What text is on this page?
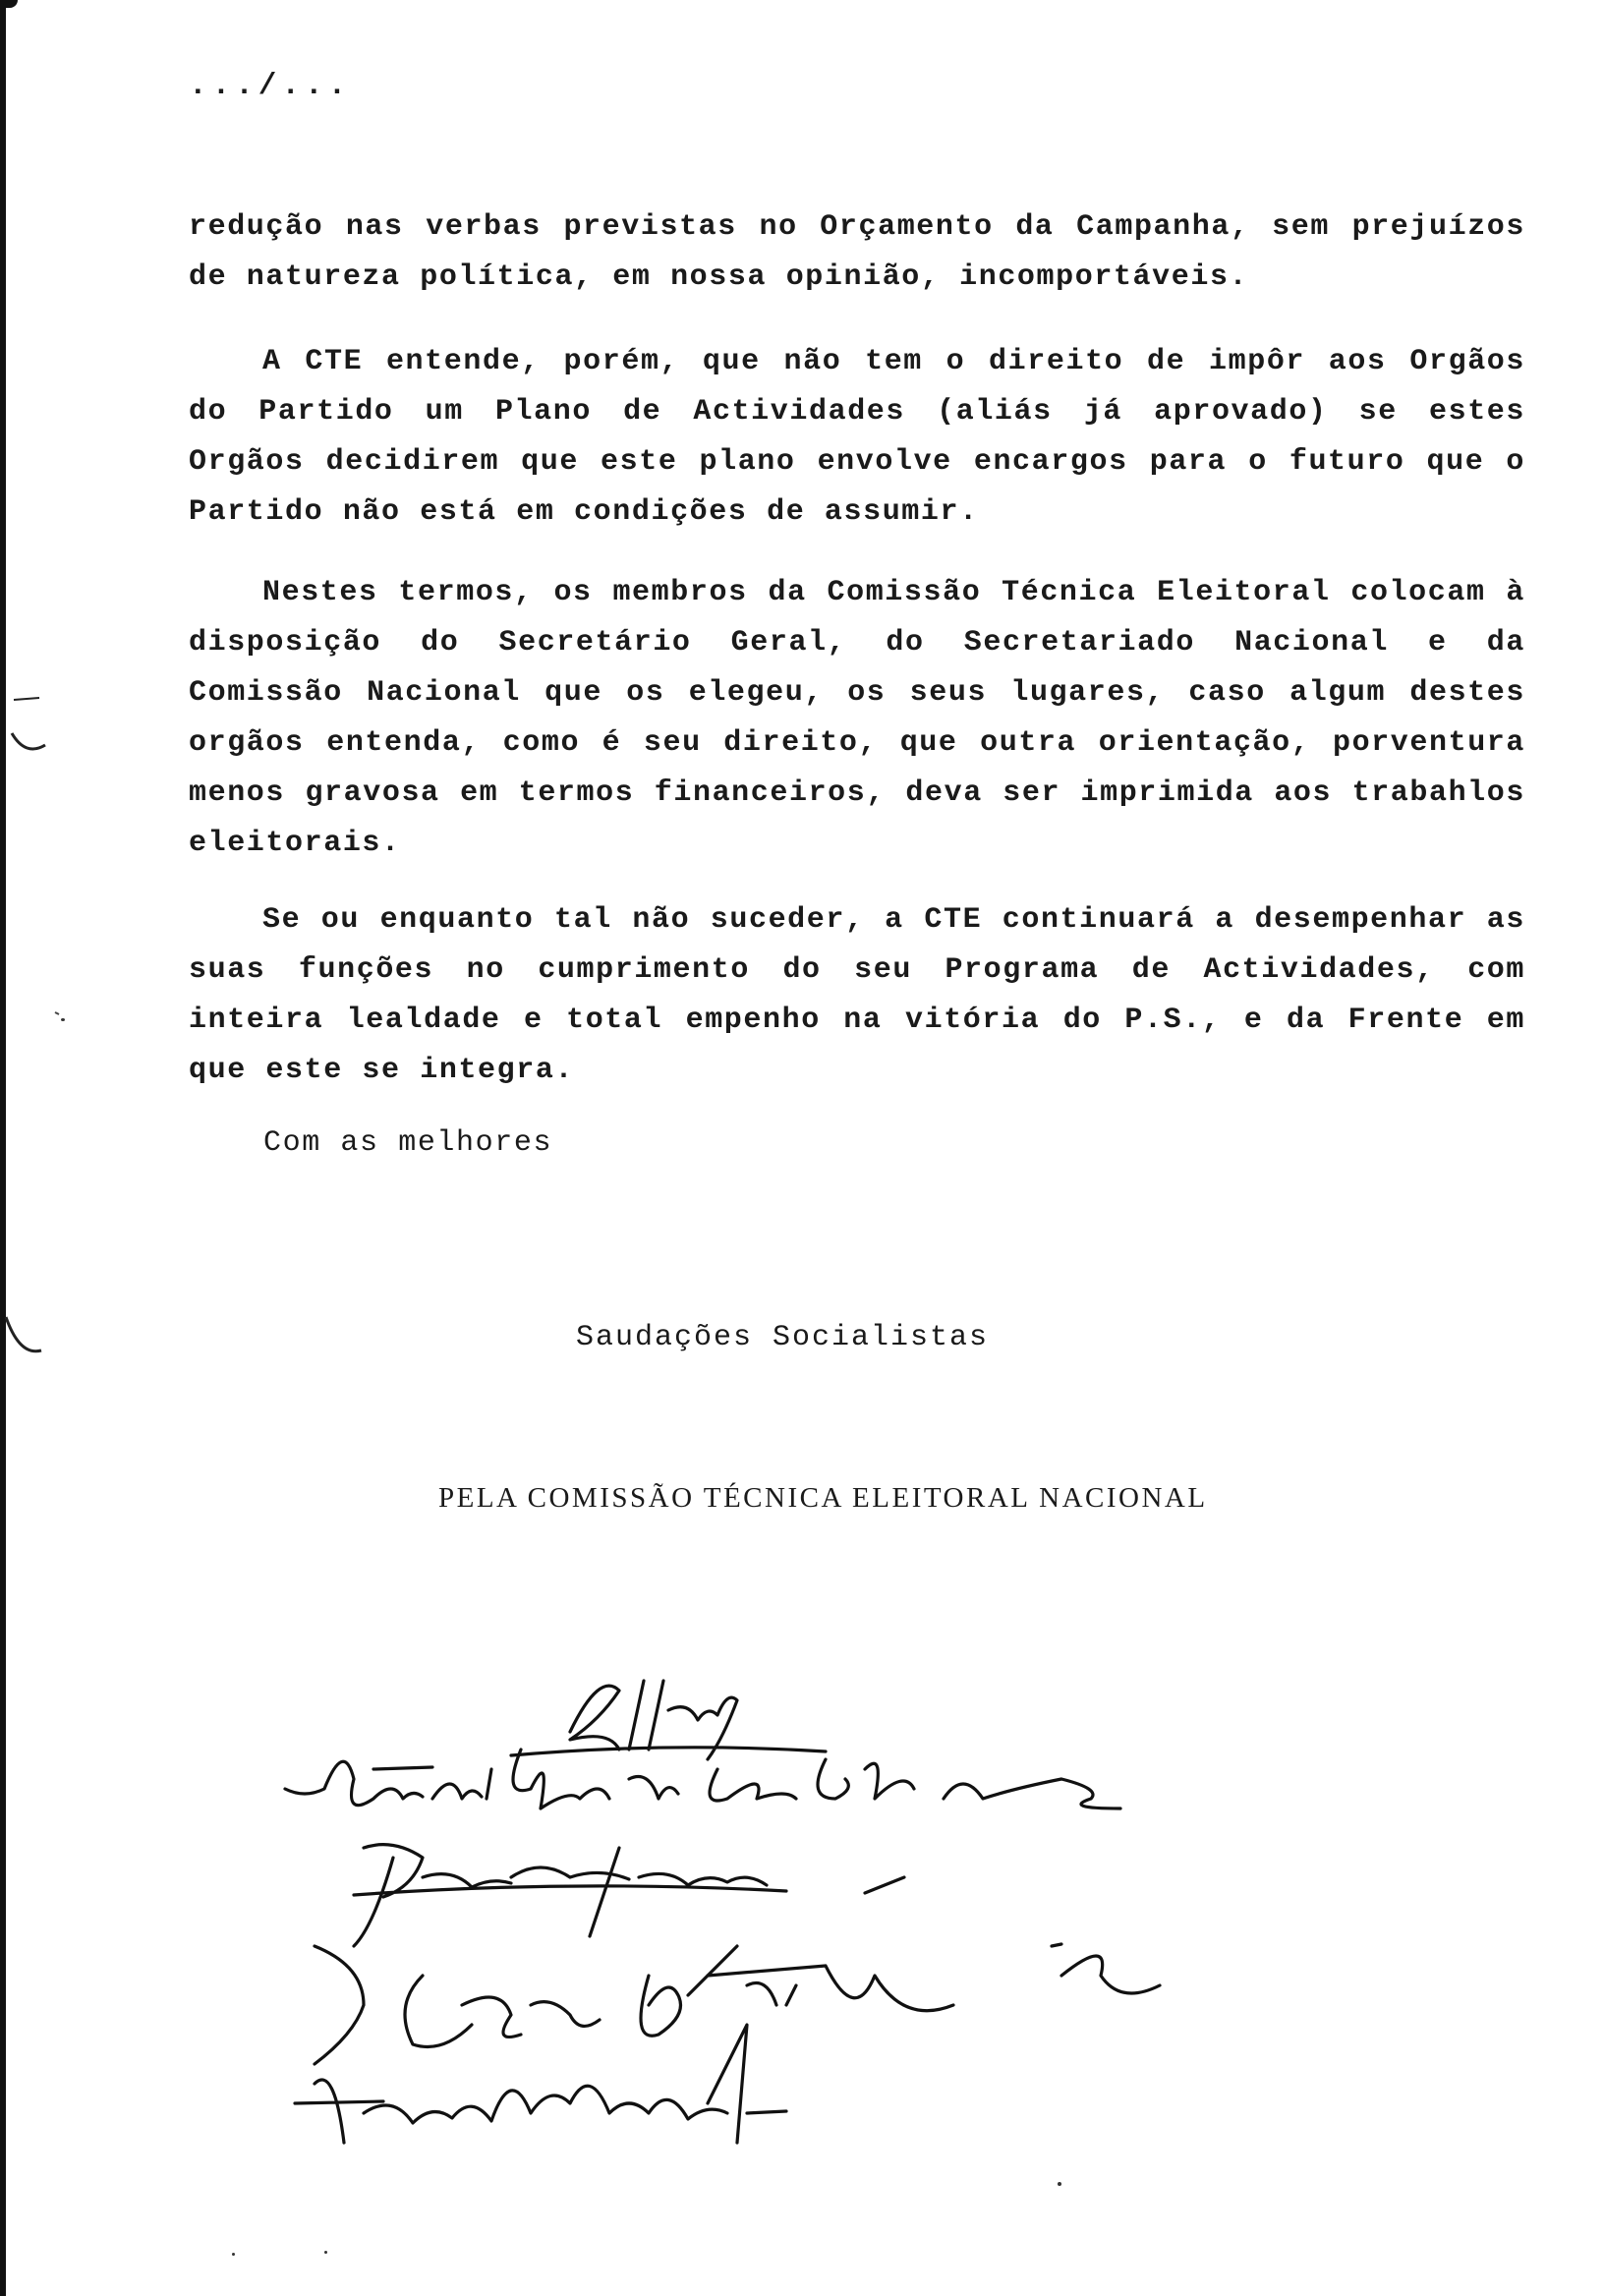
.../...

redução nas verbas previstas no Orçamento da Campanha, sem prejuízos de natureza política, em nossa opinião, incomportáveis.

A CTE entende, porém, que não tem o direito de impôr aos Orgãos do Partido um Plano de Actividades (aliás já aprovado) se estes Orgãos decidirem que este plano envolve encargos para o futuro que o Partido não está em condições de assumir.

Nestes termos, os membros da Comissão Técnica Eleitoral colocam à disposição do Secretário Geral, do Secretariado Nacional e da Comissão Nacional que os elegeu, os seus lugares, caso algum destes orgãos entenda, como é seu direito, que outra orientação, porventura menos gravosa em termos financeiros, deva ser imprimida aos trabahlos eleitorais.

Se ou enquanto tal não suceder, a CTE continuará a desempenhar as suas funções no cumprimento do seu Programa de Actividades, com inteira lealdade e total empenho na vitória do P.S., e da Frente em que este se integra.

Com as melhores
Saudações Socialistas
PELA COMISSÃO TÉCNICA ELEITORAL NACIONAL
